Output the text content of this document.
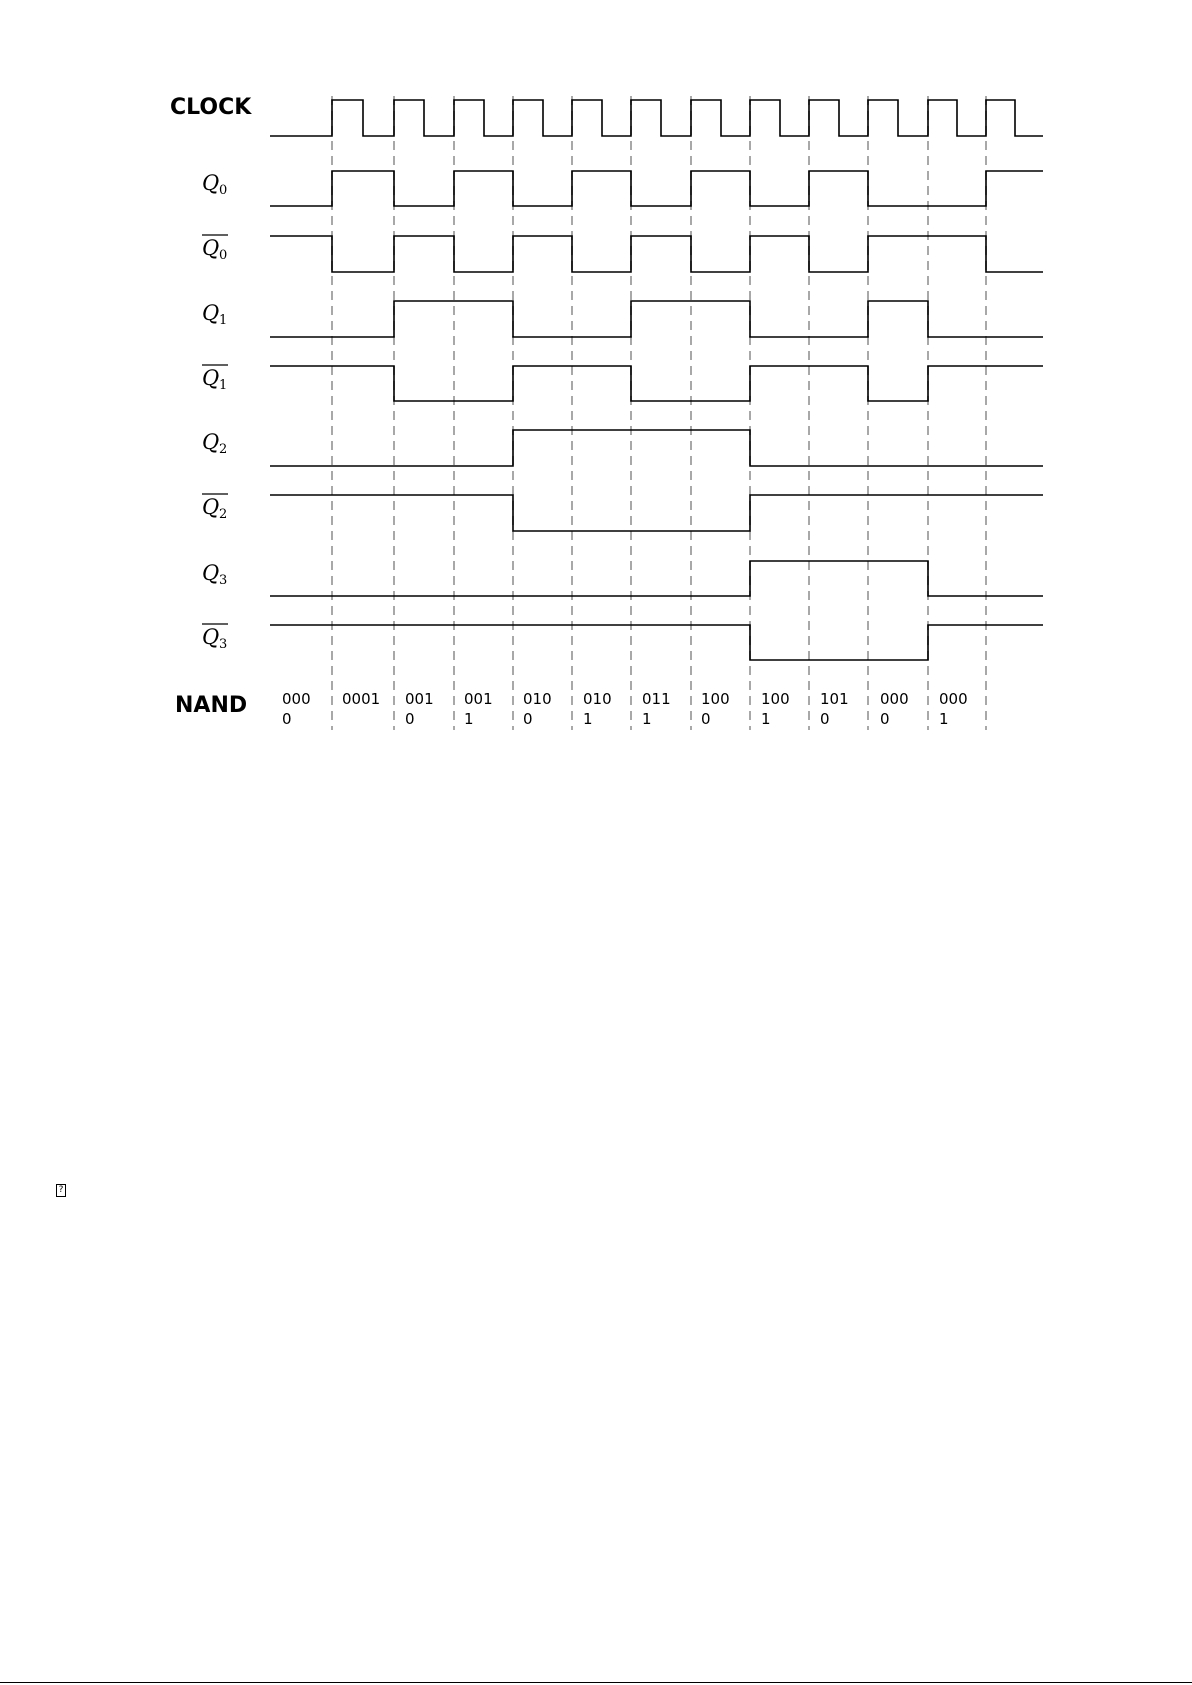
CLOCK
Q 0
Q 0
Q 1
Q 1
Q 2
Q 2
Q 3
Q 3
NAND 000
0
0001 001
0
001
1
010
0
010
1
011
1
100
0
100
1
101
0
000
0
000
1
?
